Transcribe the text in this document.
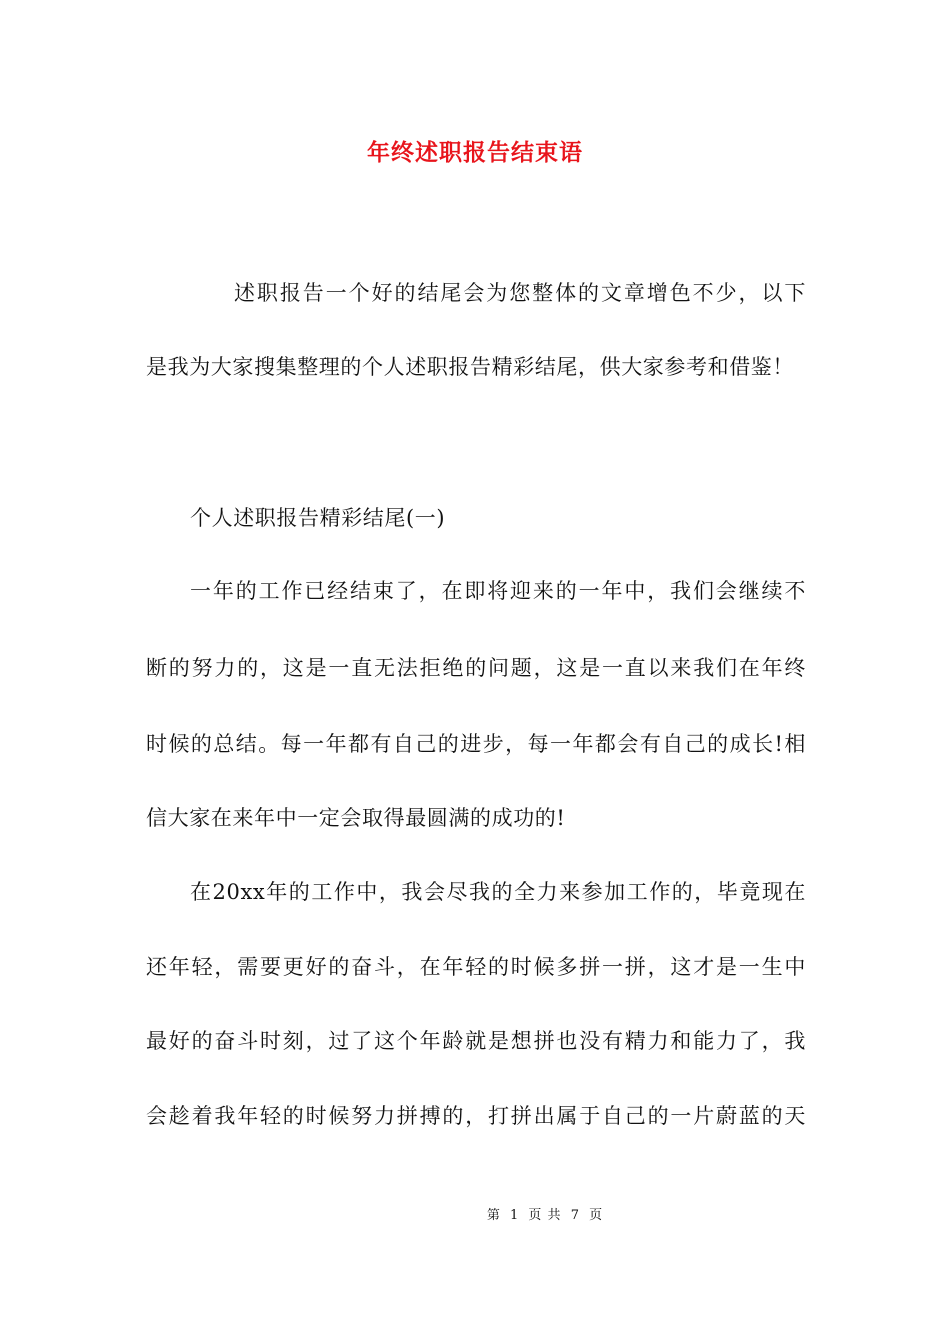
年终述职报告结束语
述职报告一个好的结尾会为您整体的文章增色不少，以下
是我为大家搜集整理的个人述职报告精彩结尾，供大家参考和借鉴！
个人述职报告精彩结尾(一)
一年的工作已经结束了，在即将迎来的一年中，我们会继续不
断的努力的，这是一直无法拒绝的问题，这是一直以来我们在年终
时候的总结。每一年都有自己的进步，每一年都会有自己的成长!相
信大家在来年中一定会取得最圆满的成功的!
在20xx年的工作中，我会尽我的全力来参加工作的，毕竟现在
还年轻，需要更好的奋斗，在年轻的时候多拼一拼，这才是一生中
最好的奋斗时刻，过了这个年龄就是想拼也没有精力和能力了，我
会趁着我年轻的时候努力拼搏的，打拼出属于自己的一片蔚蓝的天
第 1 页 共 7 页
